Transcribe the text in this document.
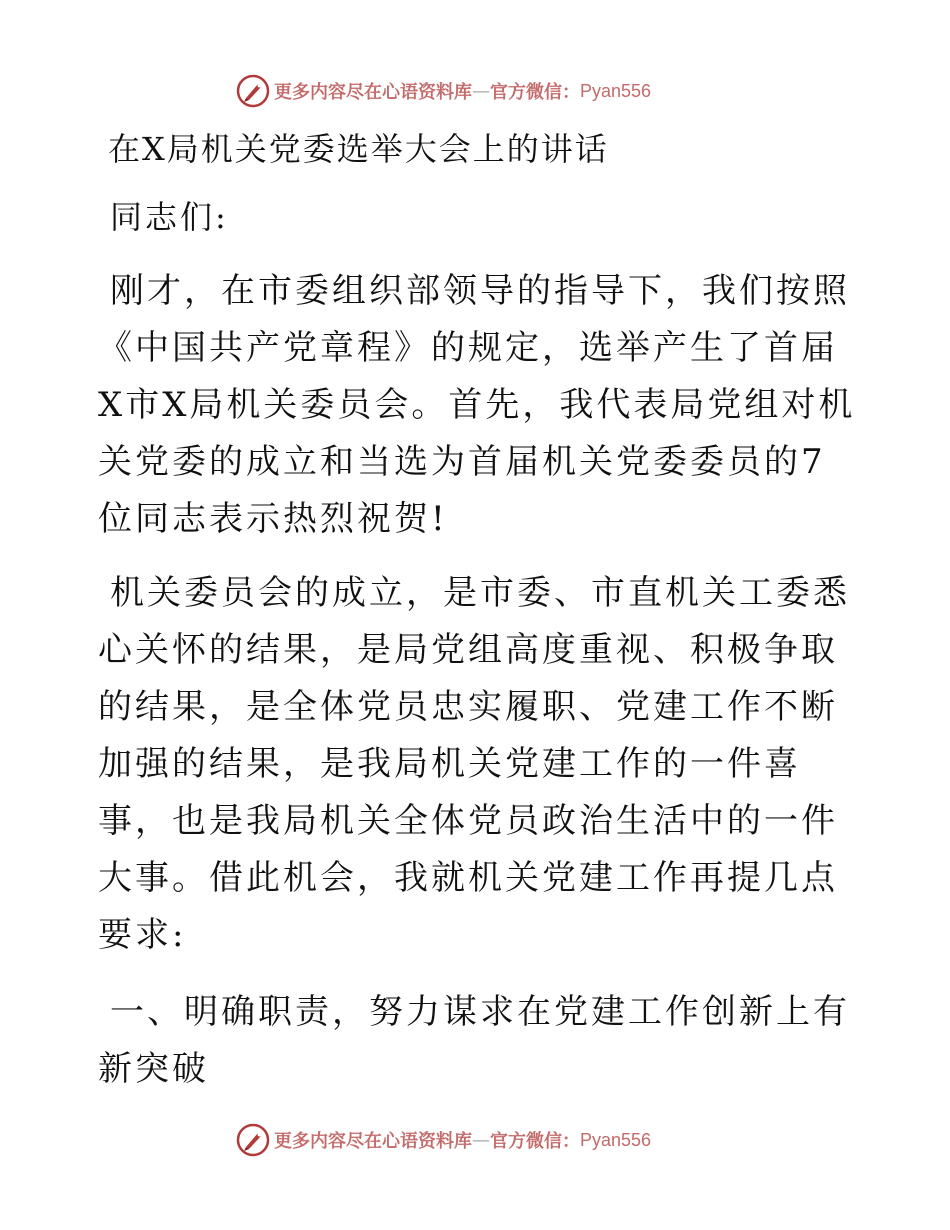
更多内容尽在心语资料库 — 官方微信： Pyan556
在X局机关党委选举大会上的讲话

同志们:

刚才，在市委组织部领导的指导下，我们按照《中国共产党章程》的规定，选举产生了首届X市X局机关委员会。首先，我代表局党组对机关党委的成立和当选为首届机关党委委员的7位同志表示热烈祝贺!

机关委员会的成立，是市委、市直机关工委悉心关怀的结果，是局党组高度重视、积极争取的结果，是全体党员忠实履职、党建工作不断加强的结果，是我局机关党建工作的一件喜事，也是我局机关全体党员政治生活中的一件大事。借此机会，我就机关党建工作再提几点要求:

一、明确职责，努力谋求在党建工作创新上有新突破

更多内容尽在心语资料库 — 官方微信： Pyan556
